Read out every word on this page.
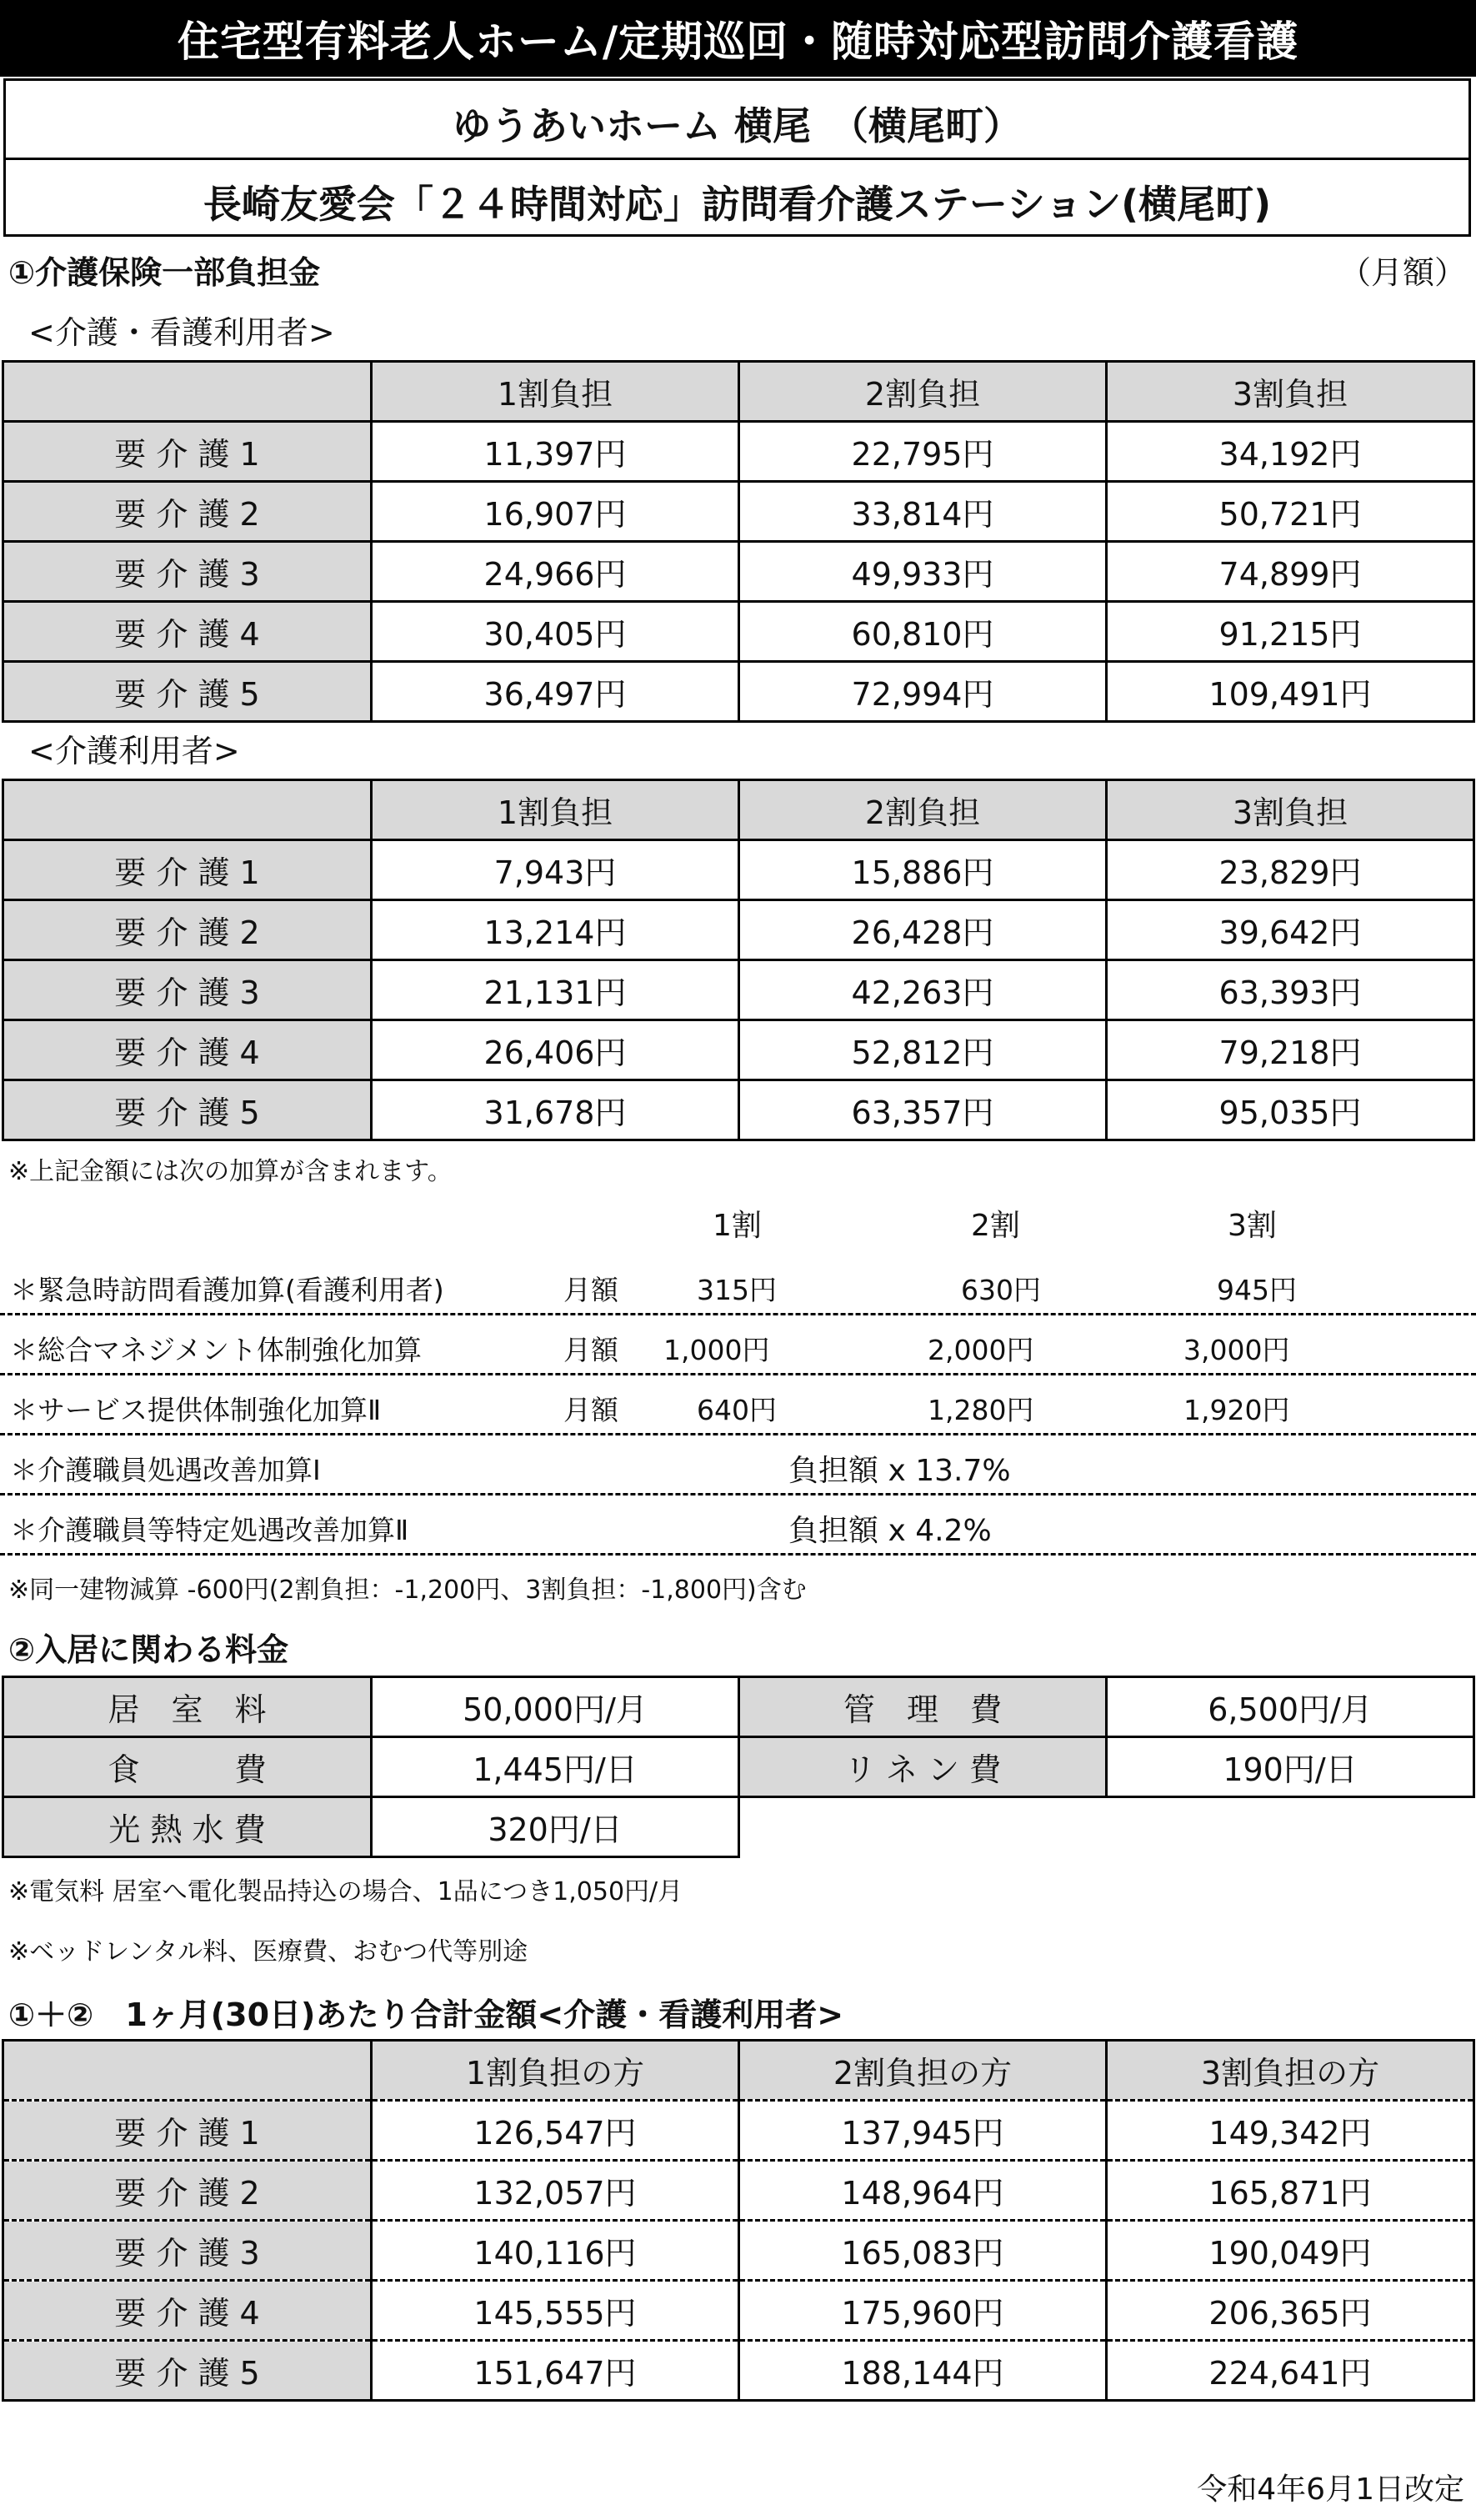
住宅型有料老人ホーム/定期巡回・随時対応型訪問介護看護
ゆうあいホーム 横尾　（横尾町）
長崎友愛会「２４時間対応」訪問看介護ステーション(横尾町)
①介護保険一部負担金	（月額）
<介護・看護利用者>
	1割負担	2割負担	3割負担
要 介 護 1	11,397円	22,795円	34,192円
要 介 護 2	16,907円	33,814円	50,721円
要 介 護 3	24,966円	49,933円	74,899円
要 介 護 4	30,405円	60,810円	91,215円
要 介 護 5	36,497円	72,994円	109,491円
<介護利用者>
	1割負担	2割負担	3割負担
要 介 護 1	7,943円	15,886円	23,829円
要 介 護 2	13,214円	26,428円	39,642円
要 介 護 3	21,131円	42,263円	63,393円
要 介 護 4	26,406円	52,812円	79,218円
要 介 護 5	31,678円	63,357円	95,035円
※上記金額には次の加算が含まれます。
1割	2割	3割
＊緊急時訪問看護加算(看護利用者)	月額	315円	630円	945円
＊総合マネジメント体制強化加算	月額 1,000円	2,000円	3,000円
＊サービス提供体制強化加算Ⅱ	月額	640円	1,280円	1,920円
＊介護職員処遇改善加算Ⅰ	負担額 x 13.7%
＊介護職員等特定処遇改善加算Ⅱ	負担額 x 4.2%
※同一建物減算 -600円(2割負担：-1,200円、3割負担：-1,800円)含む
②入居に関わる料金
居　室　料	50,000円/月	管　理　費	6,500円/月
食　　　費	1,445円/日	リ ネ ン 費	190円/日
光 熱 水 費	320円/日		
※電気料 居室へ電化製品持込の場合、1品につき1,050円/月
※ベッドレンタル料、医療費、おむつ代等別途
①＋②　1ヶ月(30日)あたり合計金額<介護・看護利用者>
	1割負担の方	2割負担の方	3割負担の方
要 介 護 1	126,547円	137,945円	149,342円
要 介 護 2	132,057円	148,964円	165,871円
要 介 護 3	140,116円	165,083円	190,049円
要 介 護 4	145,555円	175,960円	206,365円
要 介 護 5	151,647円	188,144円	224,641円
令和4年6月1日改定
